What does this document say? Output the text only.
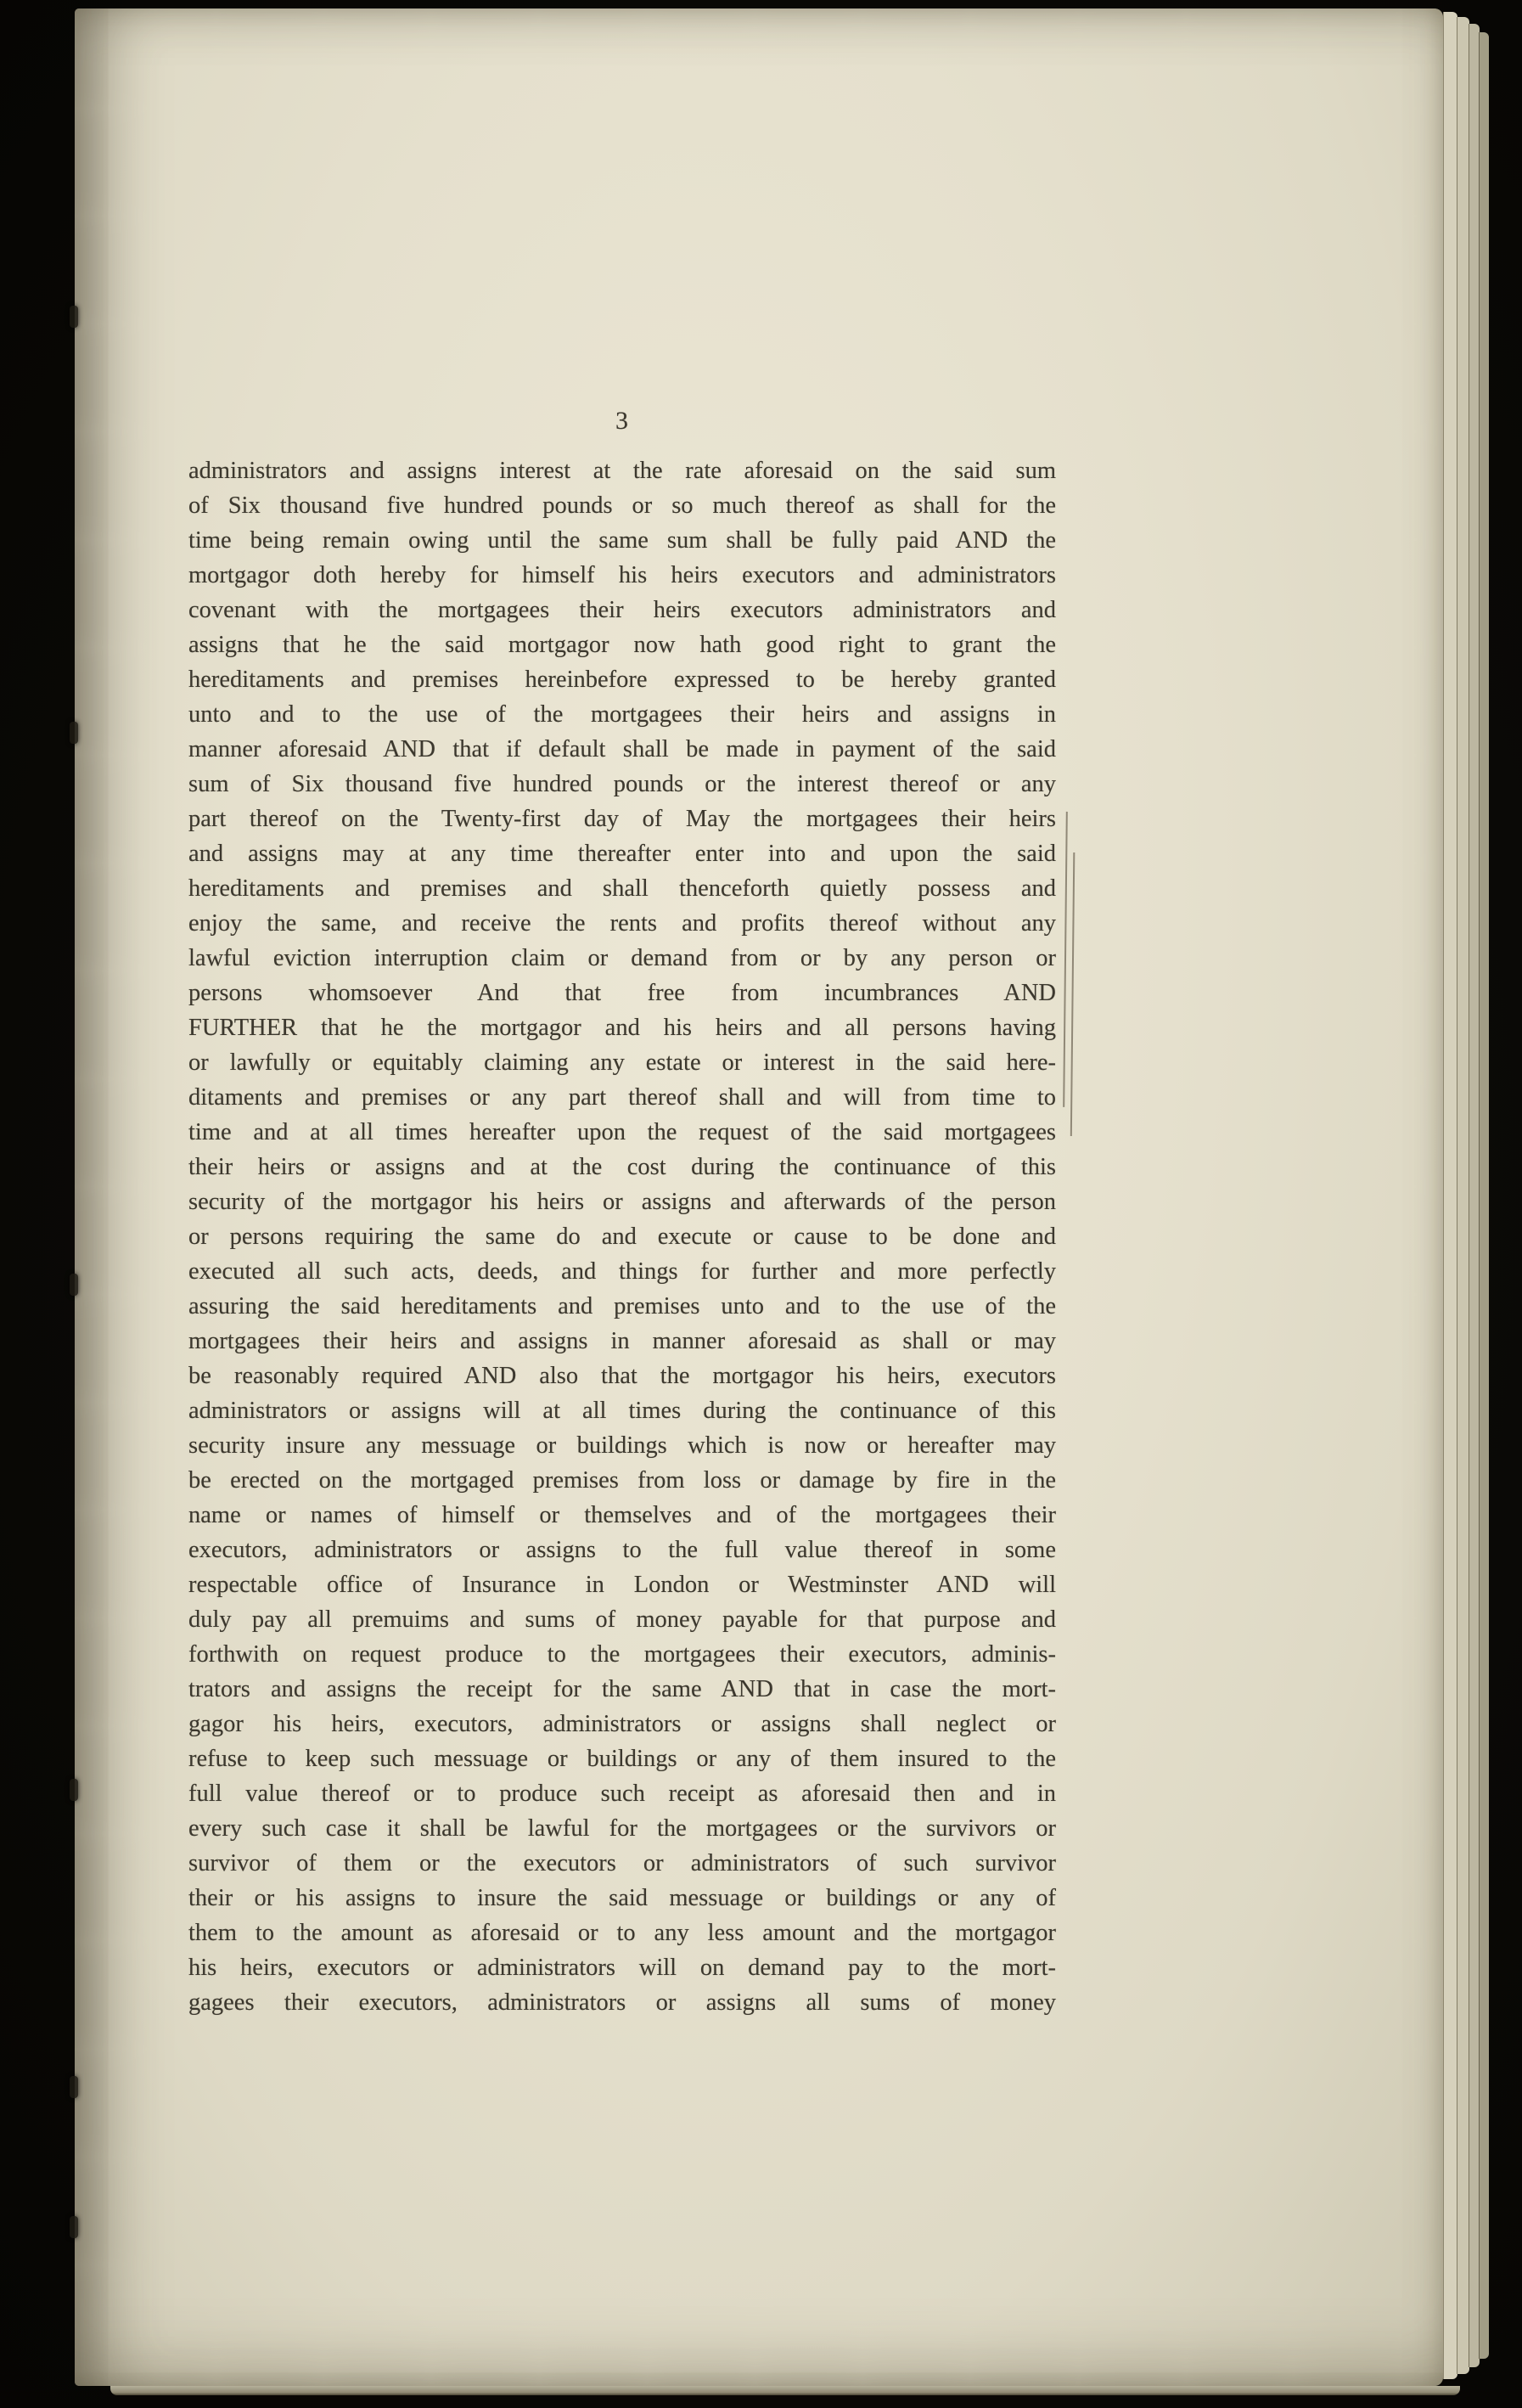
3
administrators and assigns interest at the rate aforesaid on the said sum
of Six thousand five hundred pounds or so much thereof as shall for the
time being remain owing until the same sum shall be fully paid AND the
mortgagor doth hereby for himself his heirs executors and administrators
covenant with the mortgagees their heirs executors administrators and
assigns that he the said mortgagor now hath good right to grant the
hereditaments and premises hereinbefore expressed to be hereby granted
unto and to the use of the mortgagees their heirs and assigns in
manner aforesaid AND that if default shall be made in payment of the said
sum of Six thousand five hundred pounds or the interest thereof or any
part thereof on the Twenty-first day of May the mortgagees their heirs
and assigns may at any time thereafter enter into and upon the said
hereditaments and premises and shall thenceforth quietly possess and
enjoy the same, and receive the rents and profits thereof without any
lawful eviction interruption claim or demand from or by any person or
persons whomsoever And that free from incumbrances AND
FURTHER that he the mortgagor and his heirs and all persons having
or lawfully or equitably claiming any estate or interest in the said here-
ditaments and premises or any part thereof shall and will from time to
time and at all times hereafter upon the request of the said mortgagees
their heirs or assigns and at the cost during the continuance of this
security of the mortgagor his heirs or assigns and afterwards of the person
or persons requiring the same do and execute or cause to be done and
executed all such acts, deeds, and things for further and more perfectly
assuring the said hereditaments and premises unto and to the use of the
mortgagees their heirs and assigns in manner aforesaid as shall or may
be reasonably required AND also that the mortgagor his heirs, executors
administrators or assigns will at all times during the continuance of this
security insure any messuage or buildings which is now or hereafter may
be erected on the mortgaged premises from loss or damage by fire in the
name or names of himself or themselves and of the mortgagees their
executors, administrators or assigns to the full value thereof in some
respectable office of Insurance in London or Westminster AND will
duly pay all premuims and sums of money payable for that purpose and
forthwith on request produce to the mortgagees their executors, adminis-
trators and assigns the receipt for the same AND that in case the mort-
gagor his heirs, executors, administrators or assigns shall neglect or
refuse to keep such messuage or buildings or any of them insured to the
full value thereof or to produce such receipt as aforesaid then and in
every such case it shall be lawful for the mortgagees or the survivors or
survivor of them or the executors or administrators of such survivor
their or his assigns to insure the said messuage or buildings or any of
them to the amount as aforesaid or to any less amount and the mortgagor
his heirs, executors or administrators will on demand pay to the mort-
gagees their executors, administrators or assigns all sums of money
